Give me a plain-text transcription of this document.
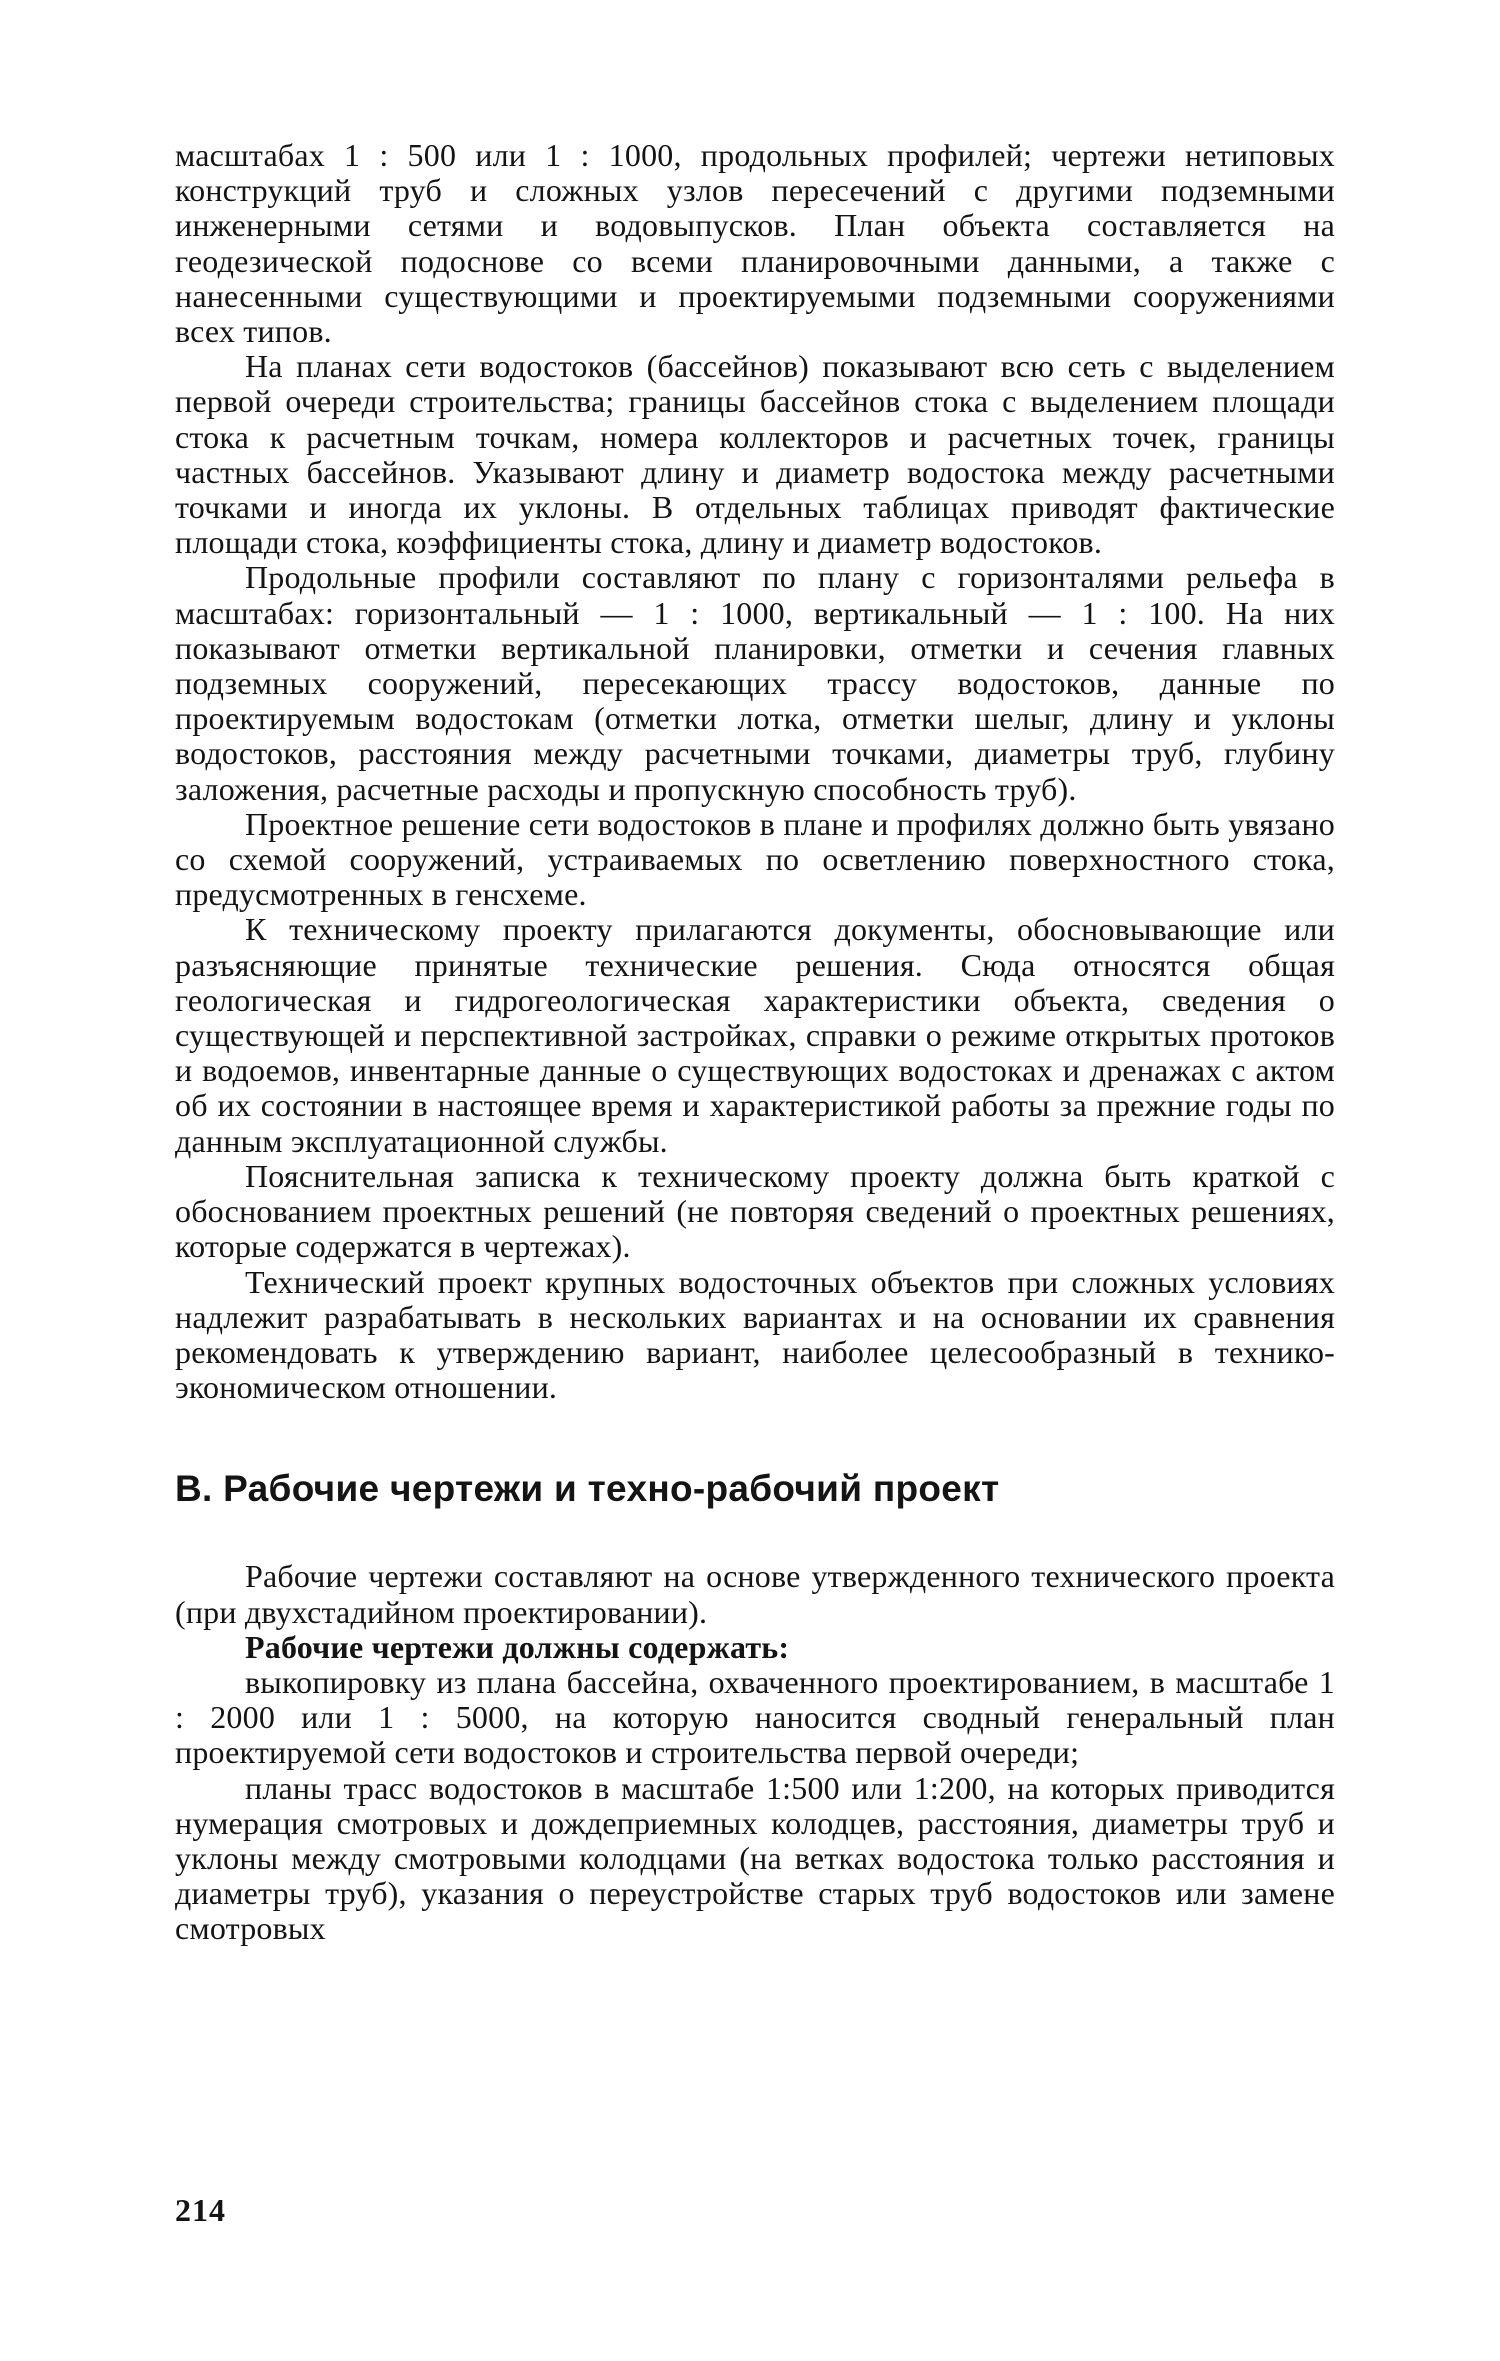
масштабах 1 : 500 или 1 : 1000, продольных профилей; чертежи нетиповых конструкций труб и сложных узлов пересечений с другими подземными инженерными сетями и водовыпусков. План объекта составляется на геодезической подоснове со всеми планировочными данными, а также с нанесенными существующими и проектируемыми подземными сооружениями всех типов.

На планах сети водостоков (бассейнов) показывают всю сеть с выделением первой очереди строительства; границы бассейнов стока с выделением площади стока к расчетным точкам, номера коллекторов и расчетных точек, границы частных бассейнов. Указывают длину и диаметр водостока между расчетными точками и иногда их уклоны. В отдельных таблицах приводят фактические площади стока, коэффициенты стока, длину и диаметр водостоков.

Продольные профили составляют по плану с горизонталями рельефа в масштабах: горизонтальный — 1 : 1000, вертикальный — 1 : 100. На них показывают отметки вертикальной планировки, отметки и сечения главных подземных сооружений, пересекающих трассу водостоков, данные по проектируемым водостокам (отметки лотка, отметки шелыг, длину и уклоны водостоков, расстояния между расчетными точками, диаметры труб, глубину заложения, расчетные расходы и пропускную способность труб).

Проектное решение сети водостоков в плане и профилях должно быть увязано со схемой сооружений, устраиваемых по осветлению поверхностного стока, предусмотренных в генсхеме.

К техническому проекту прилагаются документы, обосновывающие или разъясняющие принятые технические решения. Сюда относятся общая геологическая и гидрогеологическая характеристики объекта, сведения о существующей и перспективной застройках, справки о режиме открытых протоков и водоемов, инвентарные данные о существующих водостоках и дренажах с актом об их состоянии в настоящее время и характеристикой работы за прежние годы по данным эксплуатационной службы.

Пояснительная записка к техническому проекту должна быть краткой с обоснованием проектных решений (не повторяя сведений о проектных решениях, которые содержатся в чертежах).

Технический проект крупных водосточных объектов при сложных условиях надлежит разрабатывать в нескольких вариантах и на основании их сравнения рекомендовать к утверждению вариант, наиболее целесообразный в технико-экономическом отношении.

В. Рабочие чертежи и техно-рабочий проект

Рабочие чертежи составляют на основе утвержденного технического проекта (при двухстадийном проектировании).

Рабочие чертежи должны содержать:

выкопировку из плана бассейна, охваченного проектированием, в масштабе 1 : 2000 или 1 : 5000, на которую наносится сводный генеральный план проектируемой сети водостоков и строительства первой очереди;

планы трасс водостоков в масштабе 1:500 или 1:200, на которых приводится нумерация смотровых и дождеприемных колодцев, расстояния, диаметры труб и уклоны между смотровыми колодцами (на ветках водостока только расстояния и диаметры труб), указания о переустройстве старых труб водостоков или замене смотровых

214
